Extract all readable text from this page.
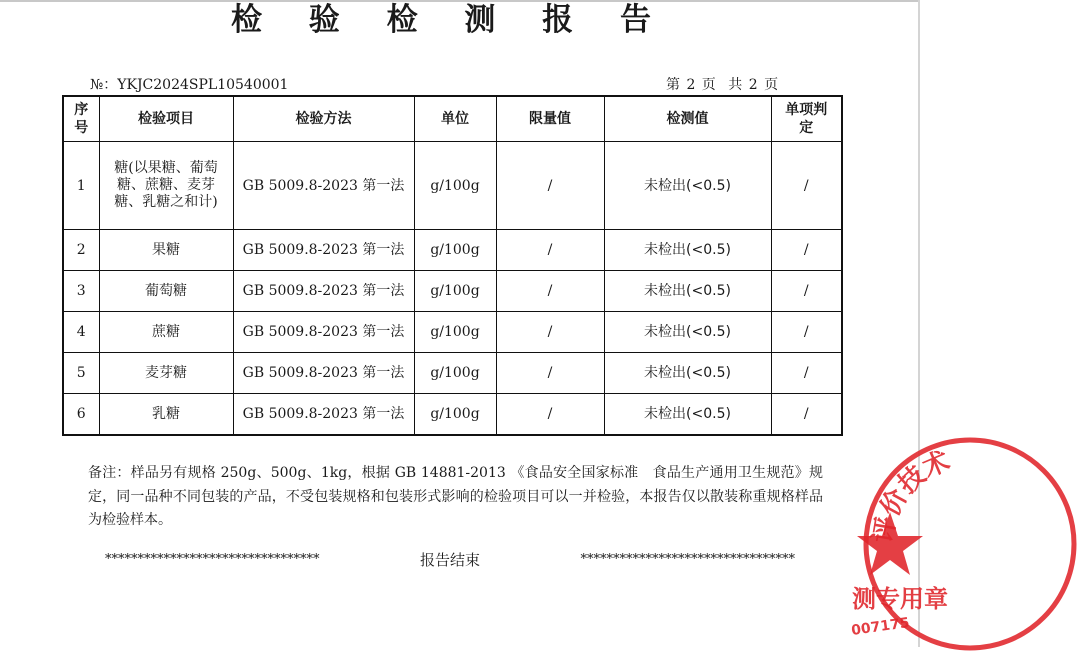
检 验 检 测 报 告
№：YKJC2024SPL10540001	第 2 页 共 2 页
序号	检验项目	检验方法	单位	限量值	检测值	单项判定
1	糖(以果糖、葡萄糖、蔗糖、麦芽糖、乳糖之和计)	GB 5009.8-2023 第一法	g/100g	/	未检出(<0.5)	/
2	果糖	GB 5009.8-2023 第一法	g/100g	/	未检出(<0.5)	/
3	葡萄糖	GB 5009.8-2023 第一法	g/100g	/	未检出(<0.5)	/
4	蔗糖	GB 5009.8-2023 第一法	g/100g	/	未检出(<0.5)	/
5	麦芽糖	GB 5009.8-2023 第一法	g/100g	/	未检出(<0.5)	/
6	乳糖	GB 5009.8-2023 第一法	g/100g	/	未检出(<0.5)	/
备注：样品另有规格 250g、500g、1kg，根据 GB 14881-2013 《食品安全国家标准　食品生产通用卫生规范》规定，同一品种不同包装的产品，不受包装规格和包装形式影响的检验项目可以一并检验，本报告仅以散装称重规格样品为检验样本。
*********************************	报告结束	*********************************
评价技术
测专用章
007175
